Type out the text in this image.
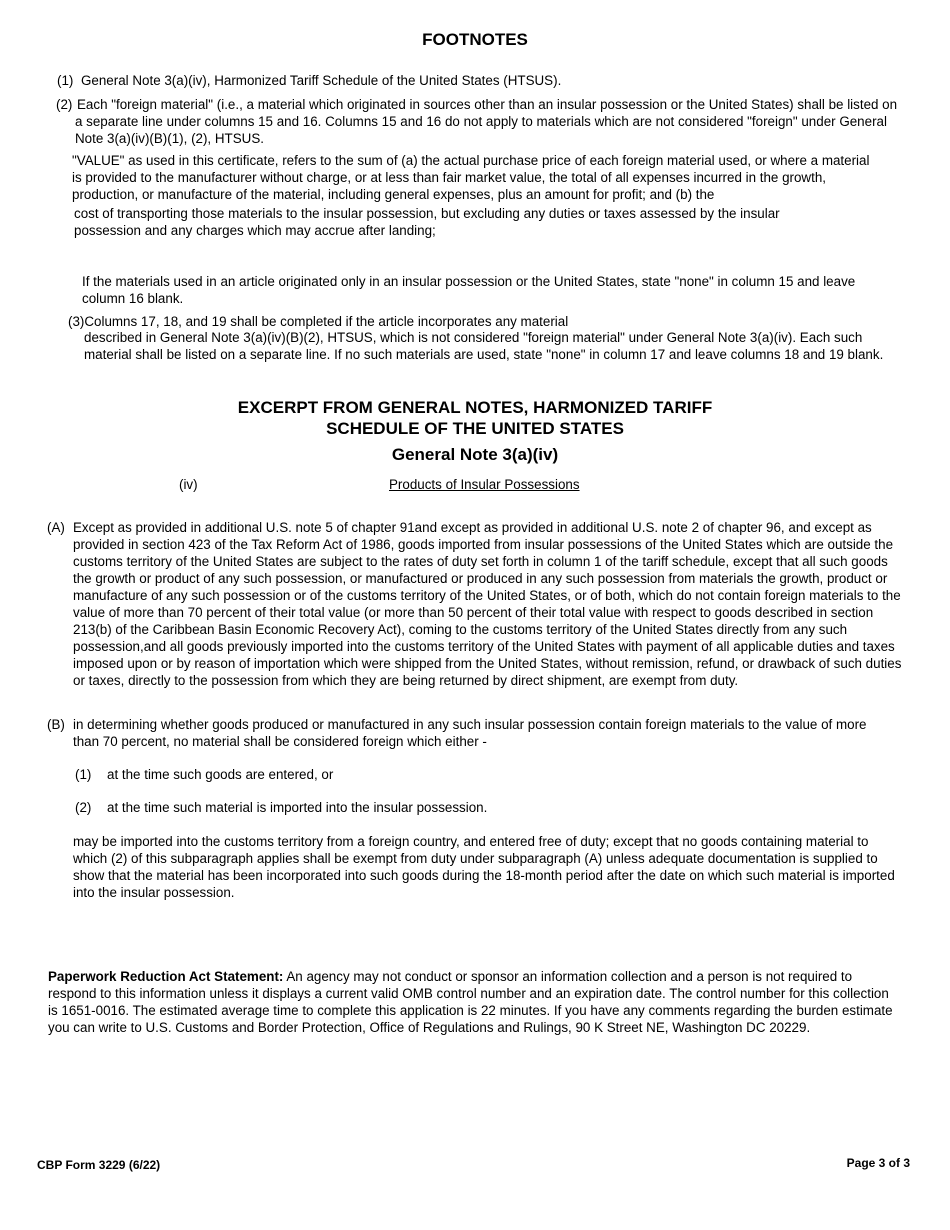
FOOTNOTES
(1) General Note 3(a)(iv), Harmonized Tariff Schedule of the United States (HTSUS).
(2) Each "foreign material" (i.e., a material which originated in sources other than an insular possession or the United States) shall be listed on a separate line under columns 15 and 16. Columns 15 and 16 do not apply to materials which are not considered "foreign" under General Note 3(a)(iv)(B)(1), (2), HTSUS.
"VALUE" as used in this certificate, refers to the sum of (a) the actual purchase price of each foreign material used, or where a material is provided to the manufacturer without charge, or at less than fair market value, the total of all expenses incurred in the growth, production, or manufacture of the material, including general expenses, plus an amount for profit; and (b) the
cost of transporting those materials to the insular possession, but excluding any duties or taxes assessed by the insular possession and any charges which may accrue after landing;
If the materials used in an article originated only in an insular possession or the United States, state "none" in column 15 and leave column 16 blank.
(3)Columns 17, 18, and 19 shall be completed if the article incorporates any material
described in General Note 3(a)(iv)(B)(2), HTSUS, which is not considered "foreign material" under General Note 3(a)(iv). Each such material shall be listed on a separate line. If no such materials are used, state "none" in column 17 and leave columns 18 and 19 blank.
EXCERPT FROM GENERAL NOTES, HARMONIZED TARIFF
SCHEDULE OF THE UNITED STATES
General Note 3(a)(iv)
(iv)	Products of Insular Possessions
(A) Except as provided in additional U.S. note 5 of chapter 91and except as provided in additional U.S. note 2 of chapter 96, and except as provided in section 423 of the Tax Reform Act of 1986, goods imported from insular possessions of the United States which are outside the customs territory of the United States are subject to the rates of duty set forth in column 1 of the tariff schedule, except that all such goods the growth or product of any such possession, or manufactured or produced in any such possession from materials the growth, product or manufacture of any such possession or of the customs territory of the United States, or of both, which do not contain foreign materials to the value of more than 70 percent of their total value (or more than 50 percent of their total value with respect to goods described in section 213(b) of the Caribbean Basin Economic Recovery Act), coming to the customs territory of the United States directly from any such possession,and all goods previously imported into the customs territory of the United States with payment of all applicable duties and taxes imposed upon or by reason of importation which were shipped from the United States, without remission, refund, or drawback of such duties or taxes, directly to the possession from which they are being returned by direct shipment, are exempt from duty.
(B) in determining whether goods produced or manufactured in any such insular possession contain foreign materials to the value of more than 70 percent, no material shall be considered foreign which either -
(1) at the time such goods are entered, or
(2) at the time such material is imported into the insular possession.
may be imported into the customs territory from a foreign country, and entered free of duty; except that no goods containing material to which (2) of this subparagraph applies shall be exempt from duty under subparagraph (A) unless adequate documentation is supplied to show that the material has been incorporated into such goods during the 18-month period after the date on which such material is imported into the insular possession.
Paperwork Reduction Act Statement: An agency may not conduct or sponsor an information collection and a person is not required to respond to this information unless it displays a current valid OMB control number and an expiration date. The control number for this collection is 1651-0016. The estimated average time to complete this application is 22 minutes. If you have any comments regarding the burden estimate you can write to U.S. Customs and Border Protection, Office of Regulations and Rulings, 90 K Street NE, Washington DC 20229.
CBP Form 3229 (6/22)	Page 3 of 3
